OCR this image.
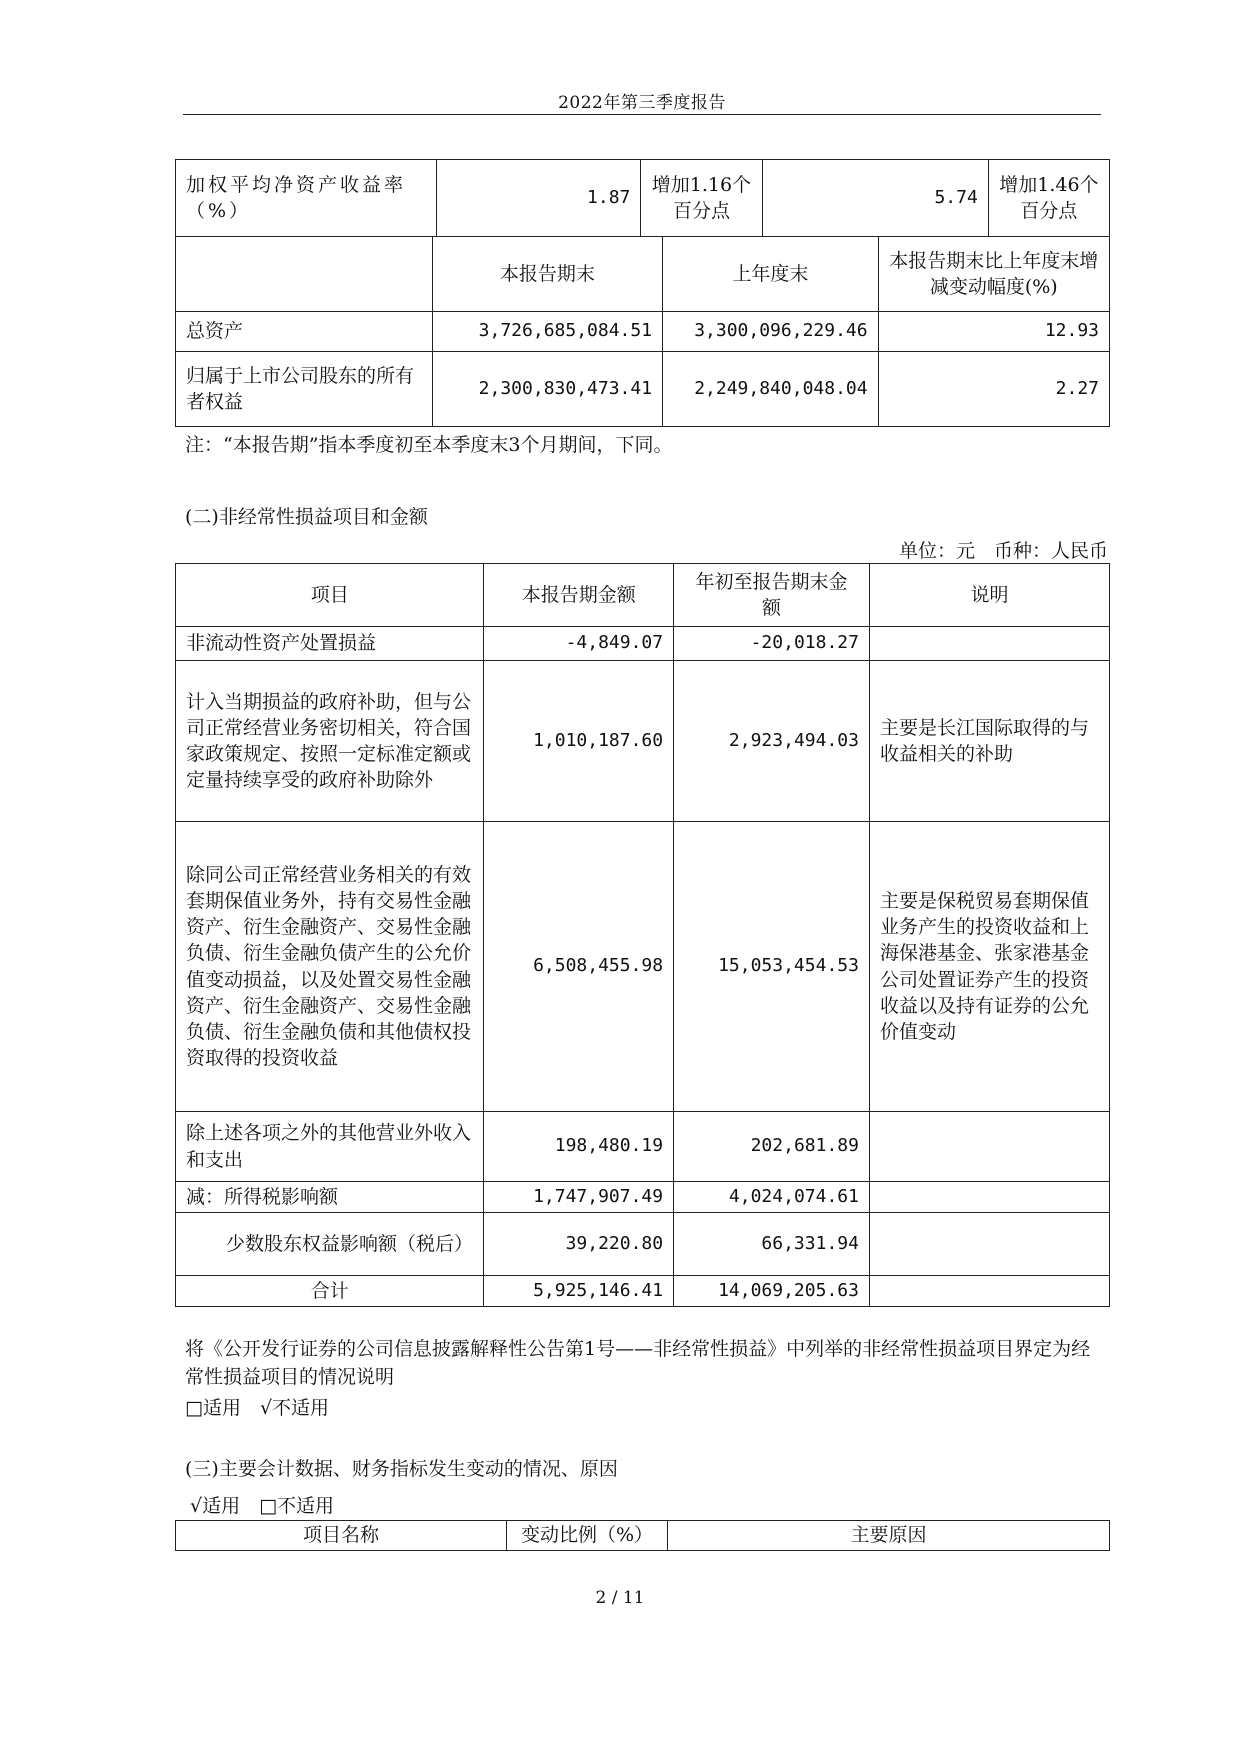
2022年第三季度报告
加权平均净资产收益率（%）	1.87	增加1.16个百分点	5.74	增加1.46个百分点
	本报告期末	上年度末	本报告期末比上年度末增减变动幅度(%)
总资产	3,726,685,084.51	3,300,096,229.46	12.93
归属于上市公司股东的所有者权益	2,300,830,473.41	2,249,840,048.04	2.27
注：“本报告期”指本季度初至本季度末3个月期间，下同。
(二)非经常性损益项目和金额
单位：元　币种：人民币
项目	本报告期金额	年初至报告期末金额	说明
非流动性资产处置损益	-4,849.07	-20,018.27	
计入当期损益的政府补助，但与公司正常经营业务密切相关，符合国家政策规定、按照一定标准定额或定量持续享受的政府补助除外	1,010,187.60	2,923,494.03	主要是长江国际取得的与收益相关的补助
除同公司正常经营业务相关的有效套期保值业务外，持有交易性金融资产、衍生金融资产、交易性金融负债、衍生金融负债产生的公允价值变动损益，以及处置交易性金融资产、衍生金融资产、交易性金融负债、衍生金融负债和其他债权投资取得的投资收益	6,508,455.98	15,053,454.53	主要是保税贸易套期保值业务产生的投资收益和上海保港基金、张家港基金公司处置证券产生的投资收益以及持有证券的公允价值变动
除上述各项之外的其他营业外收入和支出	198,480.19	202,681.89	
减：所得税影响额	1,747,907.49	4,024,074.61	
少数股东权益影响额（税后）	39,220.80	66,331.94	
合计	5,925,146.41	14,069,205.63	
将《公开发行证券的公司信息披露解释性公告第1号——非经常性损益》中列举的非经常性损益项目界定为经常性损益项目的情况说明
□适用　√不适用
(三)主要会计数据、财务指标发生变动的情况、原因
√适用　□不适用
项目名称	变动比例（%）	主要原因
2 / 11
